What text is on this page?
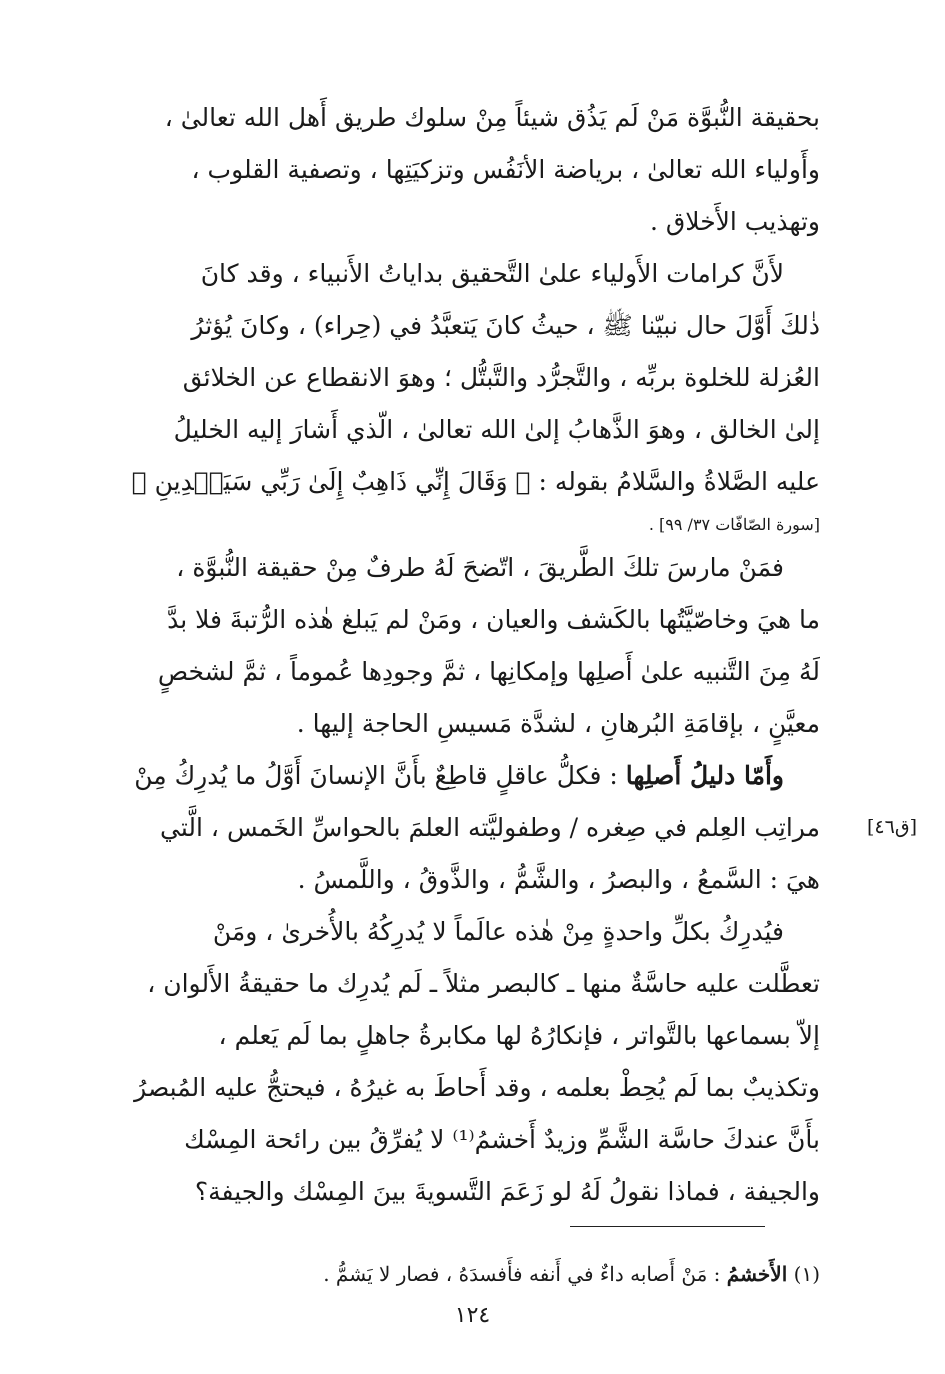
بحقيقة النُّبوَّة مَنْ لَم يَذُق شيئاً مِنْ سلوك طريق أَهل الله تعالىٰ ،
وأَولياء الله تعالىٰ ، برياضة الأنَفُس وتزكيَتِها ، وتصفية القلوب ،
وتهذيب الأَخلاق .
لأَنَّ كرامات الأَولياء علىٰ التَّحقيق بداياتُ الأَنبياء ، وقد كانَ
ذٰلكَ أَوَّلَ حال نبيّنا ﷺ ، حيثُ كانَ يَتعبَّدُ في (حِراء) ، وكانَ يُؤثرُ
العُزلة للخلوة بربِّه ، والتَّجرُّد والتَّبتُّل ؛ وهوَ الانقطاع عن الخلائق
إلىٰ الخالق ، وهوَ الذَّهابُ إلىٰ الله تعالىٰ ، الّذي أَشارَ إليه الخليلُ
عليه الصَّلاةُ والسَّلامُ بقوله : ﴿ وَقَالَ إِنِّي ذَاهِبٌ إِلَىٰ رَبِّي سَيَهۡدِينِ ﴾
[سورة الصّافّات ٣٧/ ٩٩] .
فمَنْ مارسَ تلكَ الطَّريقَ ، اتّضحَ لَهُ طرفٌ مِنْ حقيقة النُّبوَّة ،
ما هيَ وخاصّيَّتُها بالكَشف والعيان ، ومَنْ لم يَبلغ هٰذه الرُّتبةَ فلا بدَّ
لَهُ مِنَ التَّنبيه علىٰ أَصلِها وإمكانِها ، ثمَّ وجودِها عُموماً ، ثمَّ لشخصٍ
معيَّنٍ ، بإقامَةِ البُرهانِ ، لشدَّة مَسيسِ الحاجة إليها .
وأَمّا دليلُ أَصلِها : فكلُّ عاقلٍ قاطِعٌ بأَنَّ الإنسانَ أَوَّلُ ما يُدرِكُ مِنْ
مراتِب العِلم في صِغره / وطفوليَّته العلمَ بالحواسِّ الخَمس ، الَّتي
هيَ : السَّمعُ ، والبصرُ ، والشَّمُّ ، والذَّوقُ ، واللَّمسُ .
فيُدرِكُ بكلِّ واحدةٍ مِنْ هٰذه عالَماً لا يُدرِكُهُ بالأُخرىٰ ، ومَنْ
تعطَّلت عليه حاسَّةٌ منها ـ كالبصر مثلاً ـ لَم يُدرِك ما حقيقةُ الأَلوان ،
إلاّ بسماعها بالتَّواتر ، فإنكارُهُ لها مكابرةُ جاهلٍ بما لَم يَعلم ،
وتكذيبٌ بما لَم يُحِطْ بعلمه ، وقد أَحاطَ به غيرُهُ ، فيحتجُّ عليه المُبصرُ
بأَنَّ عندكَ حاسَّة الشَّمِّ وزيدٌ أَخشمُ⁽¹⁾ لا يُفرِّقُ بين رائحة المِسْك
والجيفة ، فماذا نقولُ لَهُ لو زَعَمَ التَّسويةَ بينَ المِسْك والجيفة؟
[ق٤٦]
(١) الأَخشمُ : مَنْ أَصابه داءٌ في أَنفه فأَفسدَهُ ، فصار لا يَشمُّ .
١٢٤
